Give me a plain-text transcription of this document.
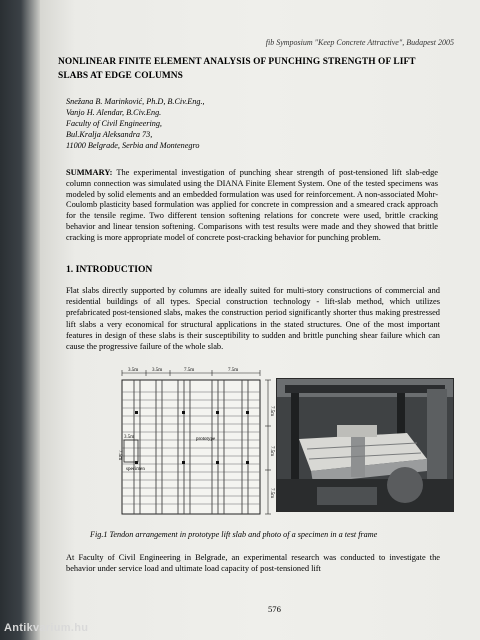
fib Symposium "Keep Concrete Attractive", Budapest 2005
NONLINEAR FINITE ELEMENT ANALYSIS OF PUNCHING STRENGTH OF LIFT SLABS AT EDGE COLUMNS
Snežana B. Marinković, Ph.D, B.Civ.Eng.,
Vanjo H. Alendar, B.Civ.Eng.
Faculty of Civil Engineering,
Bul.Kralja Aleksandra 73,
11000 Belgrade, Serbia and Montenegro
SUMMARY: The experimental investigation of punching shear strength of post-tensioned lift slab-edge column connection was simulated using the DIANA Finite Element System. One of the tested specimens was modeled by solid elements and an embedded formulation was used for reinforcement. A non-associated Mohr-Coulomb plasticity based formulation was applied for concrete in compression and a smeared crack approach for the tensile regime. Two different tension softening relations for concrete were used, brittle cracking behavior and linear tension softening. Comparisons with test results were made and they showed that brittle cracking is more appropriate model of concrete post-cracking behavior for punching problem.
1. INTRODUCTION
Flat slabs directly supported by columns are ideally suited for multi-story constructions of commercial and residential buildings of all types. Special construction technology - lift-slab method, which utilizes prefabricated post-tensioned slabs, makes the construction period significantly shorter thus making prestressed lift slabs a very economical for structural applications in the stated structures. One of the most important features in design of these slabs is their susceptibility to sudden and brittle punching shear failure which can cause the progressive failure of the whole slab.
3.5m	3.5m	7.5m	7.5m
7.5m
7.5m
7.5m
7.5m
3.5m	prototype
specimen
Fig.1 Tendon arrangement in prototype lift slab and photo of a specimen in a test frame
At Faculty of Civil Engineering in Belgrade, an experimental research was conducted to investigate the behavior under service load and ultimate load capacity of post-tensioned lift
576
Antikvarium.hu
